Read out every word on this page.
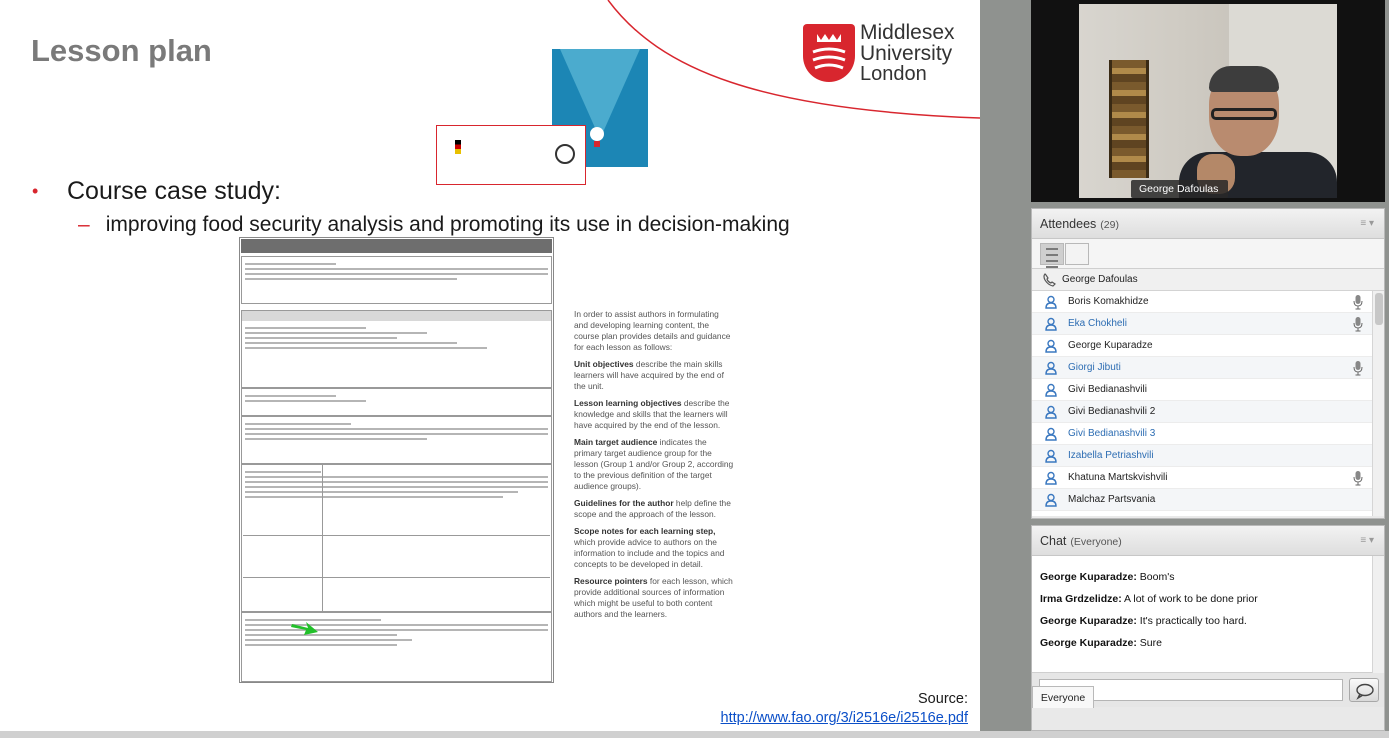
Lesson plan
Middlesex
University
London
• Course case study:
– improving food security analysis and promoting its use in decision-making

In order to assist authors in formulating and developing learning content, the course plan provides details and guidance for each lesson as follows:

Unit objectives describe the main skills learners will have acquired by the end of the unit.

Lesson learning objectives describe the knowledge and skills that the learners will have acquired by the end of the lesson.

Main target audience indicates the primary target audience group for the lesson (Group 1 and/or Group 2, according to the previous definition of the target audience groups).

Guidelines for the author help define the scope and the approach of the lesson.

Scope notes for each learning step, which provide advice to authors on the information to include and the topics and concepts to be developed in detail.

Resource pointers for each lesson, which provide additional sources of information which might be useful to both content authors and the learners.

Source:
http://www.fao.org/3/i2516e/i2516e.pdf
George Dafoulas
Attendees (29)	≡ ▾
George Dafoulas
Boris Komakhidze
Eka Chokheli
George Kuparadze
Giorgi Jibuti
Givi Bedianashvili
Givi Bedianashvili 2
Givi Bedianashvili 3
Izabella Petriashvili
Khatuna Martskvishvili
Malchaz Partsvania
Chat (Everyone)	≡ ▾
George Kuparadze: Boom's
Irma Grdzelidze: A lot of work to be done prior
George Kuparadze: It's practically too hard.
George Kuparadze: Sure
Everyone
